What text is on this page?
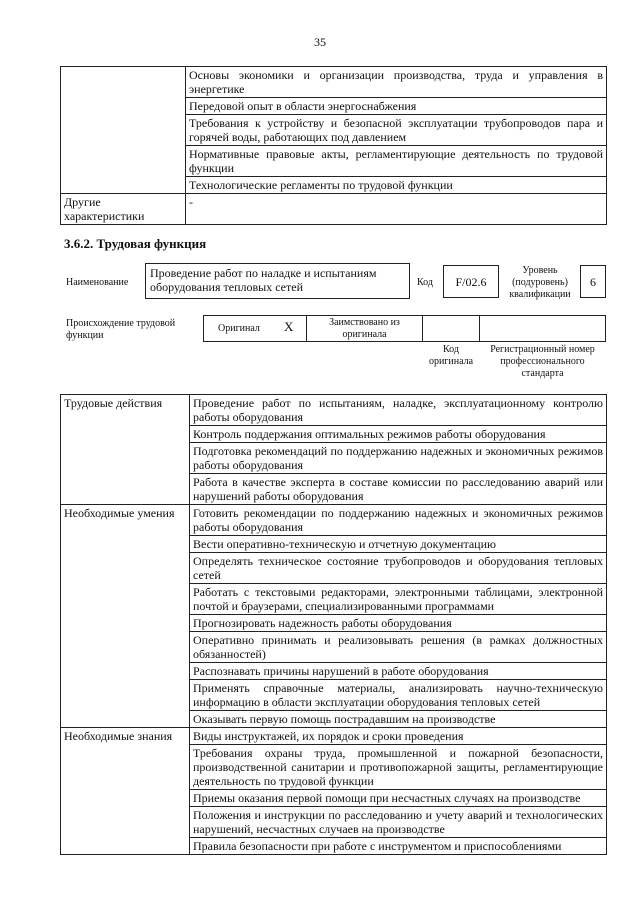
35
	Основы экономики и организации производства, труда и управления в энергетике
	Передовой опыт в области энергоснабжения
	Требования к устройству и безопасной эксплуатации трубопроводов пара и горячей воды, работающих под давлением
	Нормативные правовые акты, регламентирующие деятельность по трудовой функции
	Технологические регламенты по трудовой функции
Другие характеристики	-
3.6.2. Трудовая функция
Наименование
Проведение работ по наладке и испытаниям оборудования тепловых сетей	Код	F/02.6
Уровень (подуровень) квалификации
6
Происхождение трудовой функции
Оригинал X	Заимствовано из оригинала
Код оригинала
Регистрационный номер профессионального стандарта
Трудовые действия	Проведение работ по испытаниям, наладке, эксплуатационному контролю работы оборудования
	Контроль поддержания оптимальных режимов работы оборудования
	Подготовка рекомендаций по поддержанию надежных и экономичных режимов работы оборудования
	Работа в качестве эксперта в составе комиссии по расследованию аварий или нарушений работы оборудования
Необходимые умения	Готовить рекомендации по поддержанию надежных и экономичных режимов работы оборудования
	Вести оперативно-техническую и отчетную документацию
	Определять техническое состояние трубопроводов и оборудования тепловых сетей
	Работать с текстовыми редакторами, электронными таблицами, электронной почтой и браузерами, специализированными программами
	Прогнозировать надежность работы оборудования
	Оперативно принимать и реализовывать решения (в рамках должностных обязанностей)
	Распознавать причины нарушений в работе оборудования
	Применять справочные материалы, анализировать научно-техническую информацию в области эксплуатации оборудования тепловых сетей
	Оказывать первую помощь пострадавшим на производстве
Необходимые знания	Виды инструктажей, их порядок и сроки проведения
	Требования охраны труда, промышленной и пожарной безопасности, производственной санитарии и противопожарной защиты, регламентирующие деятельность по трудовой функции
	Приемы оказания первой помощи при несчастных случаях на производстве
	Положения и инструкции по расследованию и учету аварий и технологических нарушений, несчастных случаев на производстве
	Правила безопасности при работе с инструментом и приспособлениями
